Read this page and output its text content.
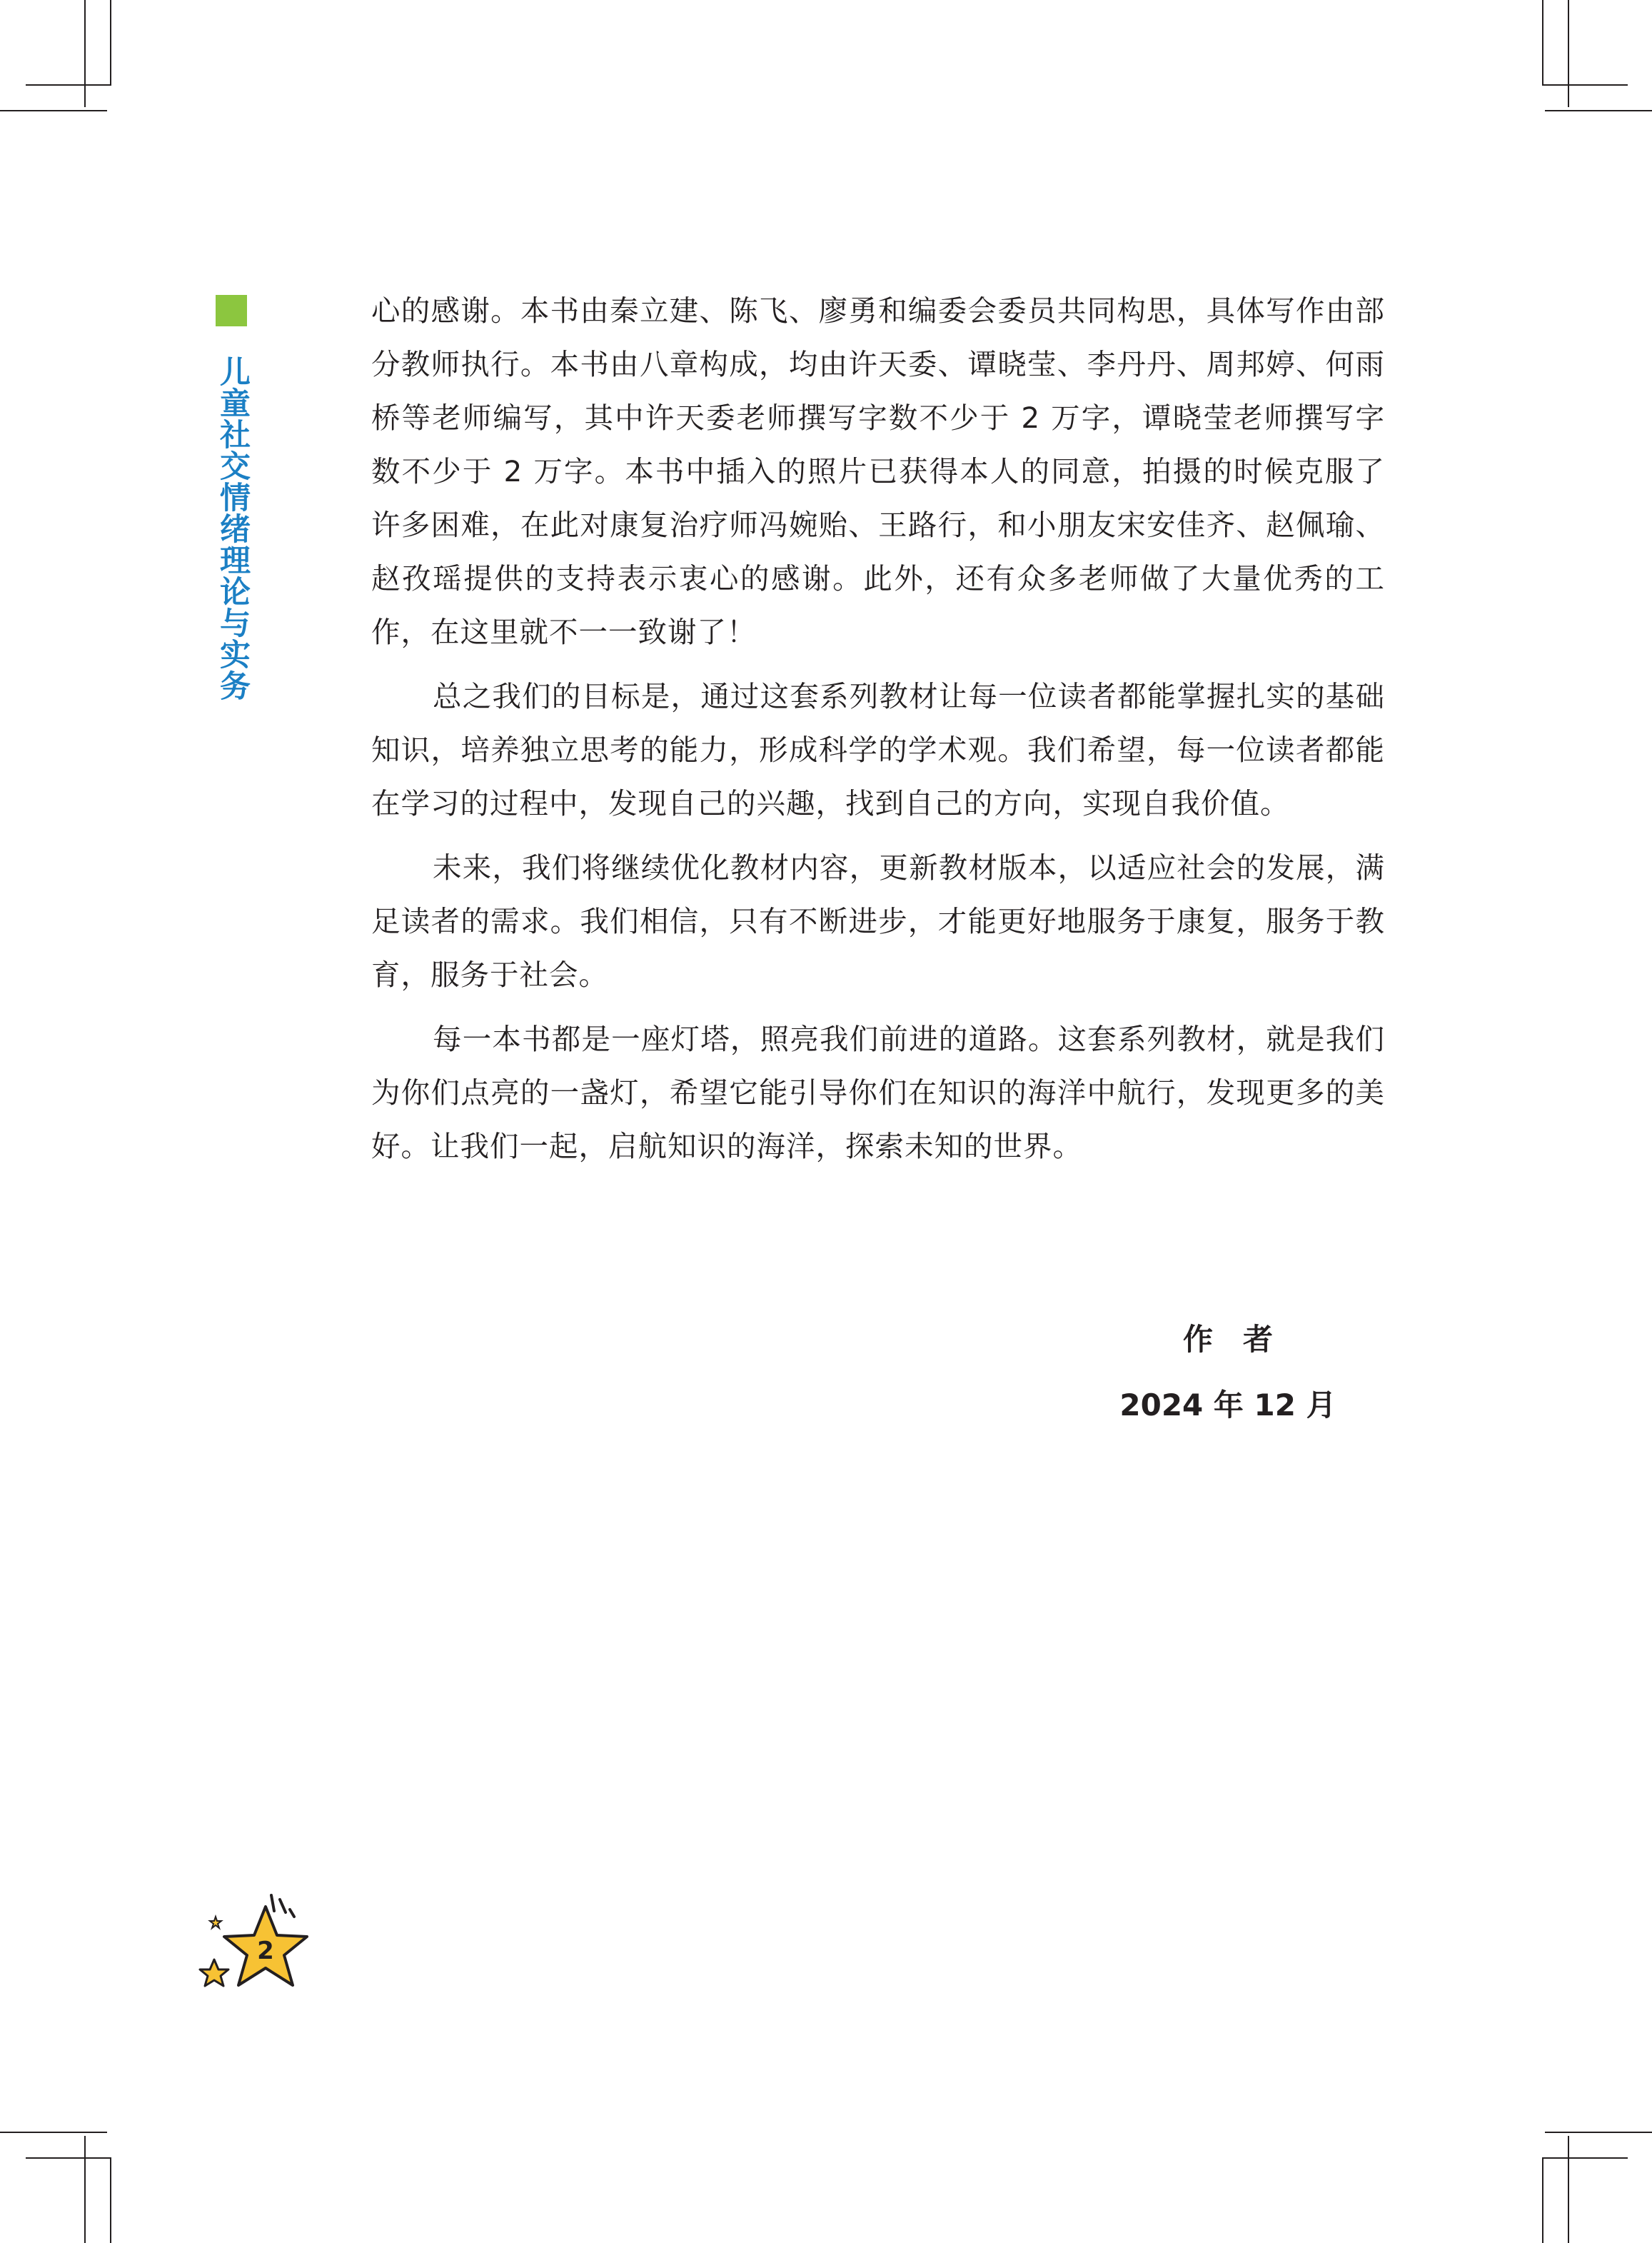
儿童社交情绪理论与实务

心的感谢。本书由秦立建、陈飞、廖勇和编委会委员共同构思，具体写作由部分教师执行。本书由八章构成，均由许天委、谭晓莹、李丹丹、周邦婷、何雨桥等老师编写，其中许天委老师撰写字数不少于 2 万字，谭晓莹老师撰写字数不少于 2 万字。本书中插入的照片已获得本人的同意，拍摄的时候克服了许多困难，在此对康复治疗师冯婉贻、王路行，和小朋友宋安佳齐、赵佩瑜、赵孜瑶提供的支持表示衷心的感谢。此外，还有众多老师做了大量优秀的工作，在这里就不一一致谢了！

总之我们的目标是，通过这套系列教材让每一位读者都能掌握扎实的基础知识，培养独立思考的能力，形成科学的学术观。我们希望，每一位读者都能在学习的过程中，发现自己的兴趣，找到自己的方向，实现自我价值。

未来，我们将继续优化教材内容，更新教材版本，以适应社会的发展，满足读者的需求。我们相信，只有不断进步，才能更好地服务于康复，服务于教育，服务于社会。

每一本书都是一座灯塔，照亮我们前进的道路。这套系列教材，就是我们为你们点亮的一盏灯，希望它能引导你们在知识的海洋中航行，发现更多的美好。让我们一起，启航知识的海洋，探索未知的世界。

作　者
2024 年 12 月
2
